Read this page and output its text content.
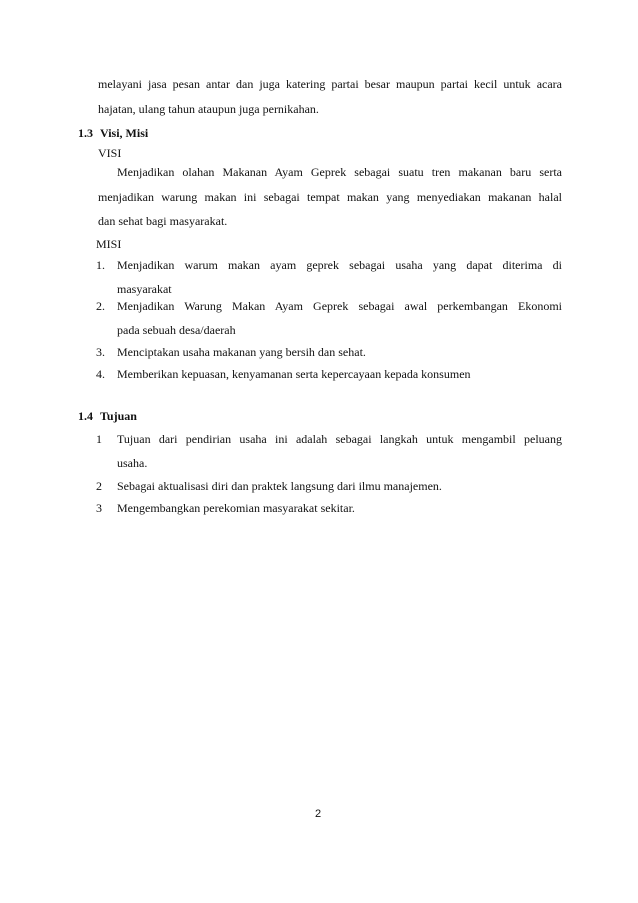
melayani jasa pesan antar dan juga katering partai besar maupun partai kecil untuk acara
hajatan, ulang tahun ataupun juga pernikahan.
1.3 Visi, Misi
VISI
Menjadikan olahan Makanan Ayam Geprek sebagai suatu tren makanan baru serta
menjadikan warung makan ini sebagai tempat makan yang menyediakan makanan halal
dan sehat bagi masyarakat.
MISI
1. Menjadikan warum makan ayam geprek sebagai usaha yang dapat diterima di
masyarakat
2. Menjadikan Warung Makan Ayam Geprek sebagai awal perkembangan Ekonomi
pada sebuah desa/daerah
3. Menciptakan usaha makanan yang bersih dan sehat.
4. Memberikan kepuasan, kenyamanan serta kepercayaan kepada konsumen
1.4 Tujuan
1 Tujuan dari pendirian usaha ini adalah sebagai langkah untuk mengambil peluang
usaha.
2 Sebagai aktualisasi diri dan praktek langsung dari ilmu manajemen.
3 Mengembangkan perekomian masyarakat sekitar.
2
